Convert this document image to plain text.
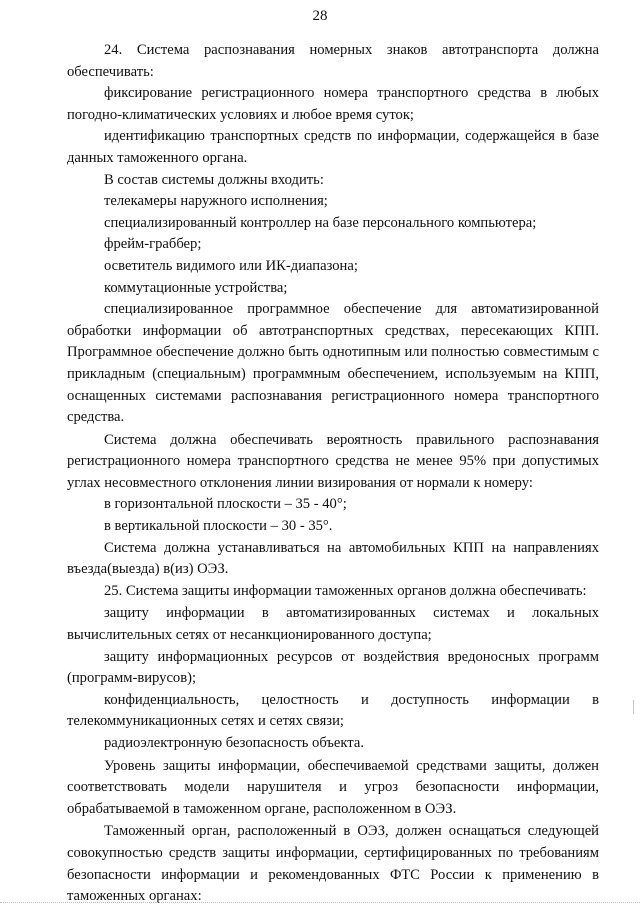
28

24. Система распознавания номерных знаков автотранспорта должна обеспечивать:

фиксирование регистрационного номера транспортного средства в любых погодно-климатических условиях и любое время суток;

идентификацию транспортных средств по информации, содержащейся в базе данных таможенного органа.

В состав системы должны входить:

телекамеры наружного исполнения;

специализированный контроллер на базе персонального компьютера;

фрейм-граббер;

осветитель видимого или ИК-диапазона;

коммутационные устройства;

специализированное программное обеспечение для автоматизированной обработки информации об автотранспортных средствах, пересекающих КПП. Программное обеспечение должно быть однотипным или полностью совместимым с прикладным (специальным) программным обеспечением, используемым на КПП, оснащенных системами распознавания регистрационного номера транспортного средства.

Система должна обеспечивать вероятность правильного распознавания регистрационного номера транспортного средства не менее 95% при допустимых углах несовместного отклонения линии визирования от нормали к номеру:

в горизонтальной плоскости – 35 - 40°;

в вертикальной плоскости – 30 - 35°.

Система должна устанавливаться на автомобильных КПП на направлениях въезда(выезда) в(из) ОЭЗ.

25. Система защиты информации таможенных органов должна обеспечивать:

защиту информации в автоматизированных системах и локальных вычислительных сетях от несанкционированного доступа;

защиту информационных ресурсов от воздействия вредоносных программ (программ-вирусов);

конфиденциальность, целостность и доступность информации в телекоммуникационных сетях и сетях связи;

радиоэлектронную безопасность объекта.

Уровень защиты информации, обеспечиваемой средствами защиты, должен соответствовать модели нарушителя и угроз безопасности информации, обрабатываемой в таможенном органе, расположенном в ОЭЗ.

Таможенный орган, расположенный в ОЭЗ, должен оснащаться следующей совокупностью средств защиты информации, сертифицированных по требованиям безопасности информации и рекомендованных ФТС России к применению в таможенных органах:
